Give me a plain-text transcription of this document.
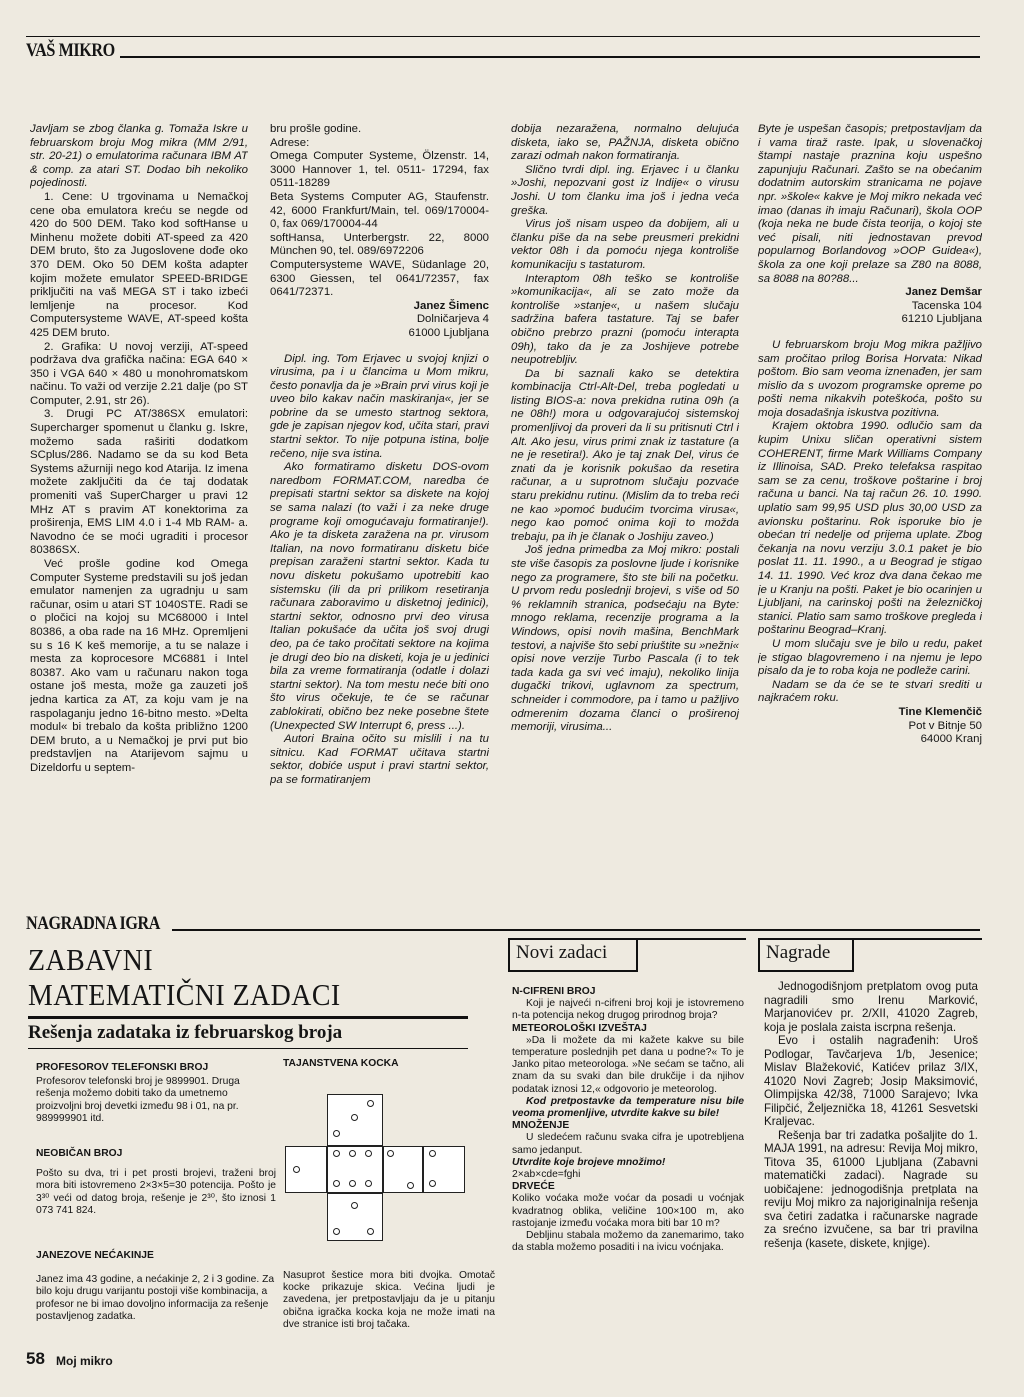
VAŠ MIKRO

Javljam se zbog članka g. Tomaža Iskre u februarskom broju Mog mikra (MM 2/91, str. 20-21) o emulatorima računara IBM AT & comp. za atari ST. Dodao bih nekoliko pojedinosti.

1. Cene: U trgovinama u Nemačkoj cene oba emulatora kreću se negde od 420 do 500 DEM. Tako kod softHanse u Minhenu možete dobiti AT-speed za 420 DEM bruto, što za Jugoslovene dođe oko 370 DEM. Oko 50 DEM košta adapter kojim možete emulator SPEED-BRIDGE priključiti na vaš MEGA ST i tako izbeći lemljenje na procesor. Kod Computersysteme WAVE, AT-speed košta 425 DEM bruto.

2. Grafika: U novoj verziji, AT-speed podržava dva grafička načina: EGA 640 × 350 i VGA 640 × 480 u monohromatskom načinu. To važi od verzije 2.21 dalje (po ST Computer, 2.91, str 26).

3. Drugi PC AT/386SX emulatori: Supercharger spomenut u članku g. Iskre, možemo sada raširiti dodatkom SCplus/286. Nadamo se da su kod Beta Systems ažurniji nego kod Atarija. Iz imena možete zaključiti da će taj dodatak promeniti vaš SuperCharger u pravi 12 MHz AT s pravim AT konektorima za proširenja, EMS LIM 4.0 i 1-4 Mb RAM- a. Navodno će se moći ugraditi i procesor 80386SX.

Već prošle godine kod Omega Computer Systeme predstavili su još jedan emulator namenjen za ugradnju u sam računar, osim u atari ST 1040STE. Radi se o pločici na kojoj su MC68000 i Intel 80386, a oba rade na 16 MHz. Opremljeni su s 16 K keš memorije, a tu se nalaze i mesta za koprocesore MC6881 i Intel 80387. Ako vam u računaru nakon toga ostane još mesta, može ga zauzeti još jedna kartica za AT, za koju vam je na raspolaganju jedno 16-bitno mesto. »Delta modul« bi trebalo da košta približno 1200 DEM bruto, a u Nemačkoj je prvi put bio predstavljen na Atarijevom sajmu u Dizeldorfu u septem-

bru prošle godine.

Adrese:

Omega Computer Systeme, Ölzenstr. 14, 3000 Hannover 1, tel. 0511- 17294, fax 0511-18289

Beta Systems Computer AG, Staufenstr. 42, 6000 Frankfurt/Main, tel. 069/170004-0, fax 069/170004-44

softHansa, Unterbergstr. 22, 8000 München 90, tel. 089/6972206

Computersysteme WAVE, Südanlage 20, 6300 Giessen, tel 0641/72357, fax 0641/72371.

Janez Šimenc

Dolničarjeva 4

61000 Ljubljana

Dipl. ing. Tom Erjavec u svojoj knjizi o virusima, pa i u člancima u Mom mikru, često ponavlja da je »Brain prvi virus koji je uveo bilo kakav način maskiranja«, jer se pobrine da se umesto startnog sektora, gde je zapisan njegov kod, učita stari, pravi startni sektor. To nije potpuna istina, bolje rečeno, nije sva istina.

Ako formatiramo disketu DOS-ovom naredbom FORMAT.COM, naredba će prepisati startni sektor sa diskete na kojoj se sama nalazi (to važi i za neke druge programe koji omogućavaju formatiranje!). Ako je ta disketa zaražena na pr. virusom Italian, na novo formatiranu disketu biće prepisan zaraženi startni sektor. Kada tu novu disketu pokušamo upotrebiti kao sistemsku (ili da pri prilikom resetiranja računara zaboravimo u disketnoj jedinici), startni sektor, odnosno prvi deo virusa Italian pokušaće da učita još svoj drugi deo, pa će tako pročitati sektore na kojima je drugi deo bio na disketi, koja je u jedinici bila za vreme formatiranja (odatle i dolazi startni sektor). Na tom mestu neće biti ono što virus očekuje, te će se računar zablokirati, obično bez neke posebne štete (Unexpected SW Interrupt 6, press ...).

Autori Braina očito su mislili i na tu sitnicu. Kad FORMAT učitava startni sektor, dobiće usput i pravi startni sektor, pa se formatiranjem

dobija nezaražena, normalno delujuća disketa, iako se, PAŽNJA, disketa obično zarazi odmah nakon formatiranja.

Slično tvrdi dipl. ing. Erjavec i u članku »Joshi, nepozvani gost iz Indije« o virusu Joshi. U tom članku ima još i jedna veća greška.

Virus još nisam uspeo da dobijem, ali u članku piše da na sebe preusmeri prekidni vektor 08h i da pomoću njega kontroliše komunikaciju s tastaturom.

Interaptom 08h teško se kontroliše »komunikacija«, ali se zato može da kontroliše »stanje«, u našem slučaju sadržina bafera tastature. Taj se bafer obično prebrzo prazni (pomoću interapta 09h), tako da je za Joshijeve potrebe neupotrebljiv.

Da bi saznali kako se detektira kombinacija Ctrl-Alt-Del, treba pogledati u listing BIOS-a: nova prekidna rutina 09h (a ne 08h!) mora u odgovarajućoj sistemskoj promenljivoj da proveri da li su pritisnuti Ctrl i Alt. Ako jesu, virus primi znak iz tastature (a ne je resetira!). Ako je taj znak Del, virus će znati da je korisnik pokušao da resetira računar, a u suprotnom slučaju pozvaće staru prekidnu rutinu. (Mislim da to treba reći ne kao »pomoć budućim tvorcima virusa«, nego kao pomoć onima koji to možda trebaju, pa ih je članak o Joshiju zaveo.)

Još jedna primedba za Moj mikro: postali ste više časopis za poslovne ljude i korisnike nego za programere, što ste bili na početku. U prvom redu poslednji brojevi, s više od 50 % reklamnih stranica, podsećaju na Byte: mnogo reklama, recenzije programa a la Windows, opisi novih mašina, BenchMark testovi, a najviše što sebi priuštite su »nežni« opisi nove verzije Turbo Pascala (i to tek tada kada ga svi već imaju), nekoliko linija dugački trikovi, uglavnom za spectrum, schneider i commodore, pa i tamo u pažljivo odmerenim dozama članci o proširenoj memoriji, virusima...

Byte je uspešan časopis; pretpostavljam da i vama tiraž raste. Ipak, u slovenačkoj štampi nastaje praznina koju uspešno zapunjuju Računari. Zašto se na obećanim dodatnim autorskim stranicama ne pojave npr. »škole« kakve je Moj mikro nekada već imao (danas ih imaju Računari), škola OOP (koja neka ne bude čista teorija, o kojoj ste već pisali, niti jednostavan prevod popularnog Borlandovog »OOP Guidea«), škola za one koji prelaze sa Z80 na 8088, sa 8088 na 80?88...

Janez Demšar

Tacenska 104

61210 Ljubljana

U februarskom broju Mog mikra pažljivo sam pročitao prilog Borisa Horvata: Nikad poštom. Bio sam veoma iznenađen, jer sam mislio da s uvozom programske opreme po pošti nema nikakvih poteškoća, pošto su moja dosadašnja iskustva pozitivna.

Krajem oktobra 1990. odlučio sam da kupim Unixu sličan operativni sistem COHERENT, firme Mark Williams Company iz Illinoisa, SAD. Preko telefaksa raspitao sam se za cenu, troškove poštarine i broj računa u banci. Na taj račun 26. 10. 1990. uplatio sam 99,95 USD plus 30,00 USD za avionsku poštarinu. Rok isporuke bio je obećan tri nedelje od prijema uplate. Zbog čekanja na novu verziju 3.0.1 paket je bio poslat 11. 11. 1990., a u Beograd je stigao 14. 11. 1990. Već kroz dva dana čekao me je u Kranju na pošti. Paket je bio ocarinjen u Ljubljani, na carinskoj pošti na železničkoj stanici. Platio sam samo troškove pregleda i poštarinu Beograd–Kranj.

U mom slučaju sve je bilo u redu, paket je stigao blagovremeno i na njemu je lepo pisalo da je to roba koja ne podleže carini.

Nadam se da će se te stvari srediti u najkraćem roku.

Tine Klemenčič

Pot v Bitnje 50

64000 Kranj

NAGRADNA IGRA
ZABAVNI
MATEMATIČNI ZADACI
Rešenja zadataka iz februarskog broja
PROFESOROV TELEFONSKI BROJ

Profesorov telefonski broj je 9899901. Druga rešenja možemo dobiti tako da umetnemo proizvoljni broj devetki između 98 i 01, na pr. 989999901 itd.

NEOBIČAN BROJ

Pošto su dva, tri i pet prosti brojevi, traženi broj mora biti istovremeno 2×3×5=30 potencija. Pošto je 3³⁰ veći od datog broja, rešenje je 2³⁰, što iznosi 1 073 741 824.

JANEZOVE NEĆAKINJE

Janez ima 43 godine, a nećakinje 2, 2 i 3 godine. Za bilo koju drugu varijantu postoji više kombinacija, a profesor ne bi imao dovoljno informacija za rešenje postavljenog zadatka.

TAJANSTVENA KOCKA
Nasuprot šestice mora biti dvojka. Omotač kocke prikazuje skica. Većina ljudi je zavedena, jer pretpostavljaju da je u pitanju obična igračka kocka koja ne može imati na dve stranice isti broj tačaka.
Novi zadaci
N-CIFRENI BROJ

Koji je najveći n-cifreni broj koji je istovremeno n-ta potencija nekog drugog prirodnog broja?

METEOROLOŠKI IZVEŠTAJ

»Da li možete da mi kažete kakve su bile temperature poslednjih pet dana u podne?« To je Janko pitao meteorologa. »Ne sećam se tačno, ali znam da su svaki dan bile drukčije i da njihov podatak iznosi 12,« odgovorio je meteorolog.

Kod pretpostavke da temperature nisu bile veoma promenljive, utvrdite kakve su bile!

MNOŽENJE

U sledećem računu svaka cifra je upotrebljena samo jedanput.

Utvrdite koje brojeve množimo!

2×ab×cde=fghi

DRVEĆE

Koliko voćaka može voćar da posadi u voćnjak kvadratnog oblika, veličine 100×100 m, ako rastojanje između voćaka mora biti bar 10 m?

Debljinu stabala možemo da zanemarimo, tako da stabla možemo posaditi i na ivicu voćnjaka.

Nagrade

Jednogodišnjom pretplatom ovog puta nagradili smo Irenu Marković, Marjanovićev pr. 2/XII, 41020 Zagreb, koja je poslala zaista iscrpna rešenja.

Evo i ostalih nagrađenih: Uroš Podlogar, Tavčarjeva 1/b, Jesenice; Mislav Blažeković, Katićev prilaz 3/IX, 41020 Novi Zagreb; Josip Maksimović, Olimpijska 42/38, 71000 Sarajevo; Ivka Filipčić, Željeznička 18, 41261 Sesvetski Kraljevac.

Rešenja bar tri zadatka pošaljite do 1. MAJA 1991, na adresu: Revija Moj mikro, Titova 35, 61000 Ljubljana (Zabavni matematički zadaci). Nagrade su uobičajene: jednogodišnja pretplata na reviju Moj mikro za najoriginalnija rešenja sva četiri zadatka i računarske nagrade za srećno izvučene, sa bar tri pravilna rešenja (kasete, diskete, knjige).

58 Moj mikro
